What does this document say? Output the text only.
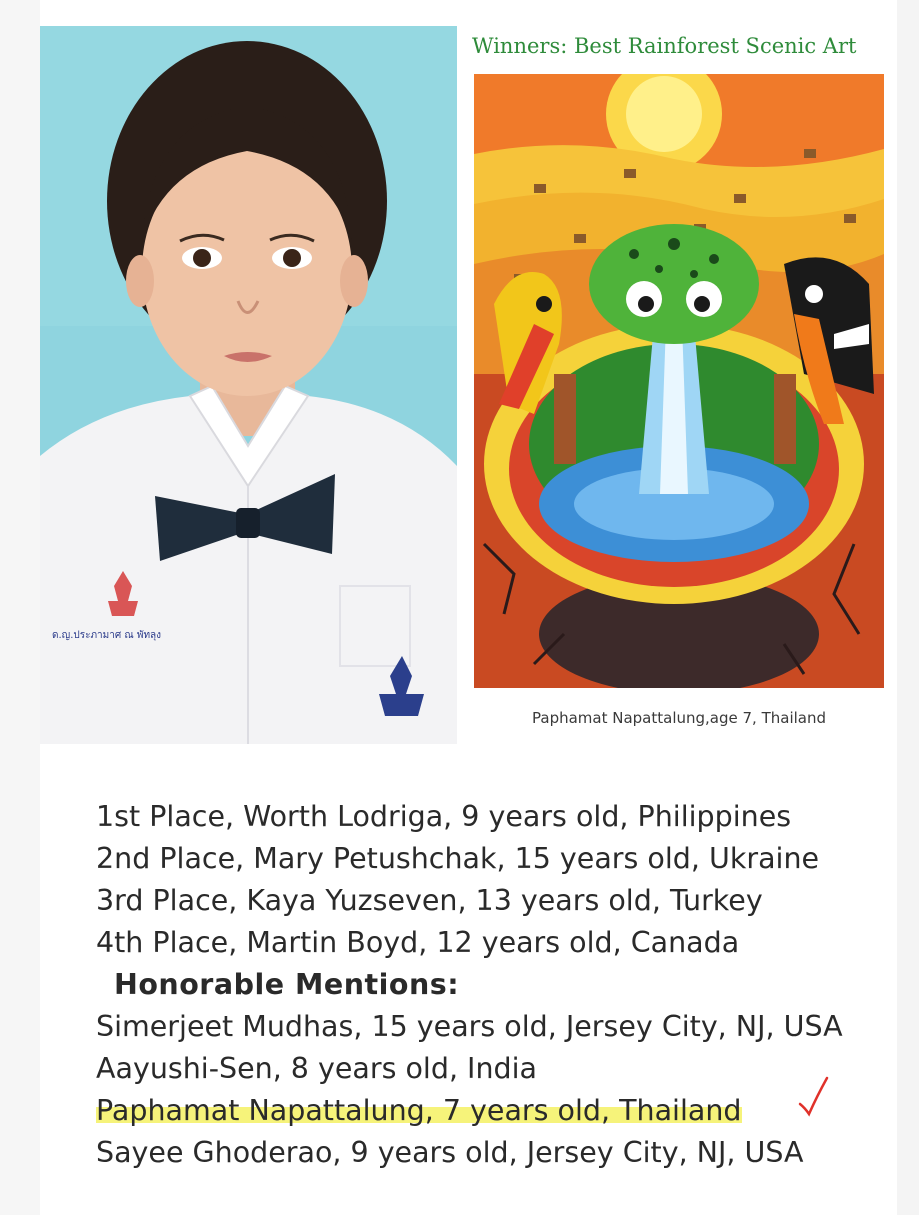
ด.ญ.ประภามาศ ณ พัทลุง
Winners: Best Rainforest Scenic Art
Paphamat Napattalung,age 7, Thailand
1st Place, Worth Lodriga, 9 years old, Philippines
2nd Place, Mary Petushchak, 15 years old, Ukraine
3rd Place, Kaya Yuzseven, 13 years old, Turkey
4th Place, Martin Boyd, 12 years old, Canada
Honorable Mentions:
Simerjeet Mudhas, 15 years old, Jersey City, NJ, USA
Aayushi-Sen, 8 years old, India
Paphamat Napattalung, 7 years old, Thailand
Sayee Ghoderao, 9 years old, Jersey City, NJ, USA
